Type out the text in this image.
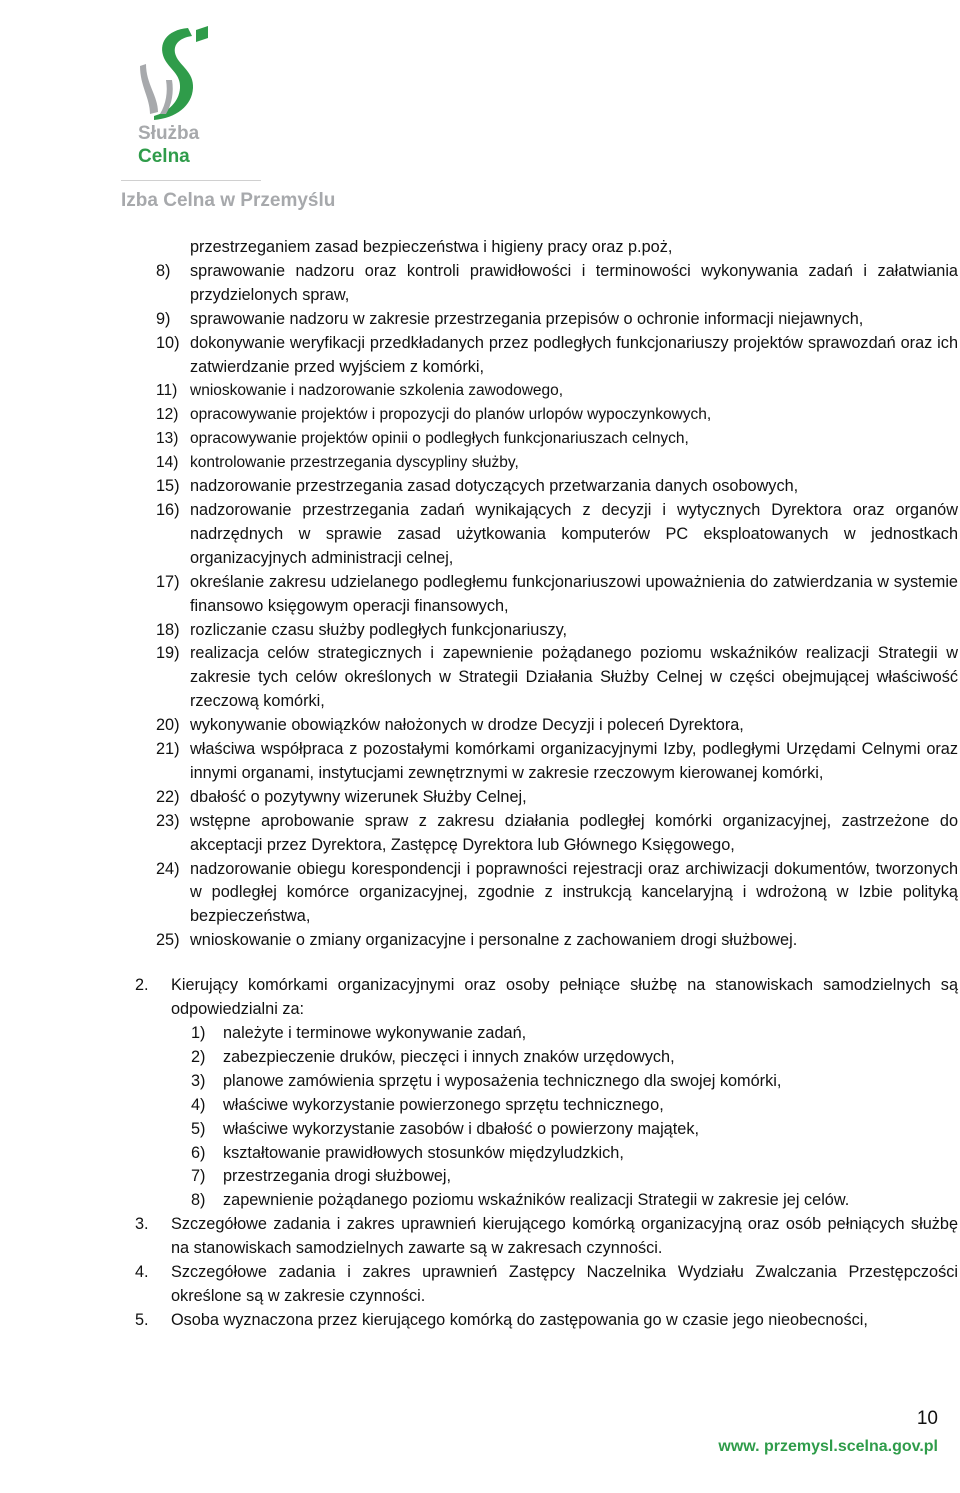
Służba
Celna
Izba Celna w Przemyślu
przestrzeganiem zasad bezpieczeństwa i higieny pracy oraz p.poż,
8)	sprawowanie nadzoru oraz kontroli prawidłowości i terminowości wykonywania zadań i załatwiania przydzielonych spraw,
9)	sprawowanie nadzoru w zakresie przestrzegania przepisów o ochronie informacji niejawnych,
10) dokonywanie weryfikacji przedkładanych przez podległych funkcjonariuszy projektów sprawozdań oraz ich zatwierdzanie przed wyjściem z komórki,
11) wnioskowanie i nadzorowanie szkolenia zawodowego,
12) opracowywanie projektów i propozycji do planów urlopów wypoczynkowych,
13) opracowywanie projektów opinii o podległych funkcjonariuszach celnych,
14) kontrolowanie przestrzegania dyscypliny służby,
15) nadzorowanie przestrzegania zasad dotyczących przetwarzania danych osobowych,
16) nadzorowanie przestrzegania zadań wynikających z decyzji i wytycznych Dyrektora oraz organów nadrzędnych w sprawie zasad użytkowania komputerów PC eksploatowanych w jednostkach organizacyjnych administracji celnej,
17) określanie zakresu udzielanego podległemu funkcjonariuszowi upoważnienia do zatwierdzania w systemie finansowo księgowym operacji finansowych,
18) rozliczanie czasu służby podległych funkcjonariuszy,
19) realizacja celów strategicznych i zapewnienie pożądanego poziomu wskaźników realizacji Strategii w zakresie tych celów określonych w Strategii Działania Służby Celnej w części obejmującej właściwość rzeczową komórki,
20) wykonywanie obowiązków nałożonych w drodze Decyzji i poleceń Dyrektora,
21) właściwa współpraca z pozostałymi komórkami organizacyjnymi Izby, podległymi Urzędami Celnymi oraz innymi organami, instytucjami zewnętrznymi w zakresie rzeczowym kierowanej komórki,
22) dbałość o pozytywny wizerunek Służby Celnej,
23) wstępne aprobowanie spraw z zakresu działania podległej komórki organizacyjnej, zastrzeżone do akceptacji przez Dyrektora, Zastępcę Dyrektora lub Głównego Księgowego,
24) nadzorowanie obiegu korespondencji i poprawności rejestracji oraz archiwizacji dokumentów, tworzonych w podległej komórce organizacyjnej, zgodnie z instrukcją kancelaryjną i wdrożoną w Izbie polityką bezpieczeństwa,
25) wnioskowanie o zmiany organizacyjne i personalne z zachowaniem drogi służbowej.
2.	Kierujący komórkami organizacyjnymi oraz osoby pełniące służbę na stanowiskach samodzielnych są odpowiedzialni za:
1)	należyte i terminowe wykonywanie zadań,
2)	zabezpieczenie druków, pieczęci i innych znaków urzędowych,
3)	planowe zamówienia sprzętu i wyposażenia technicznego dla swojej komórki,
4)	właściwe wykorzystanie powierzonego sprzętu technicznego,
5)	właściwe wykorzystanie zasobów i dbałość o powierzony majątek,
6)	kształtowanie prawidłowych stosunków międzyludzkich,
7)	przestrzegania drogi służbowej,
8)	zapewnienie pożądanego poziomu wskaźników realizacji Strategii w zakresie jej celów.
3.	Szczegółowe zadania i zakres uprawnień kierującego komórką organizacyjną oraz osób pełniących służbę na stanowiskach samodzielnych zawarte są w zakresach czynności.
4.	Szczegółowe zadania i zakres uprawnień Zastępcy Naczelnika Wydziału Zwalczania Przestępczości określone są w zakresie czynności.
5.	Osoba wyznaczona przez kierującego komórką do zastępowania go w czasie jego nieobecności,
10
www. przemysl.scelna.gov.pl
